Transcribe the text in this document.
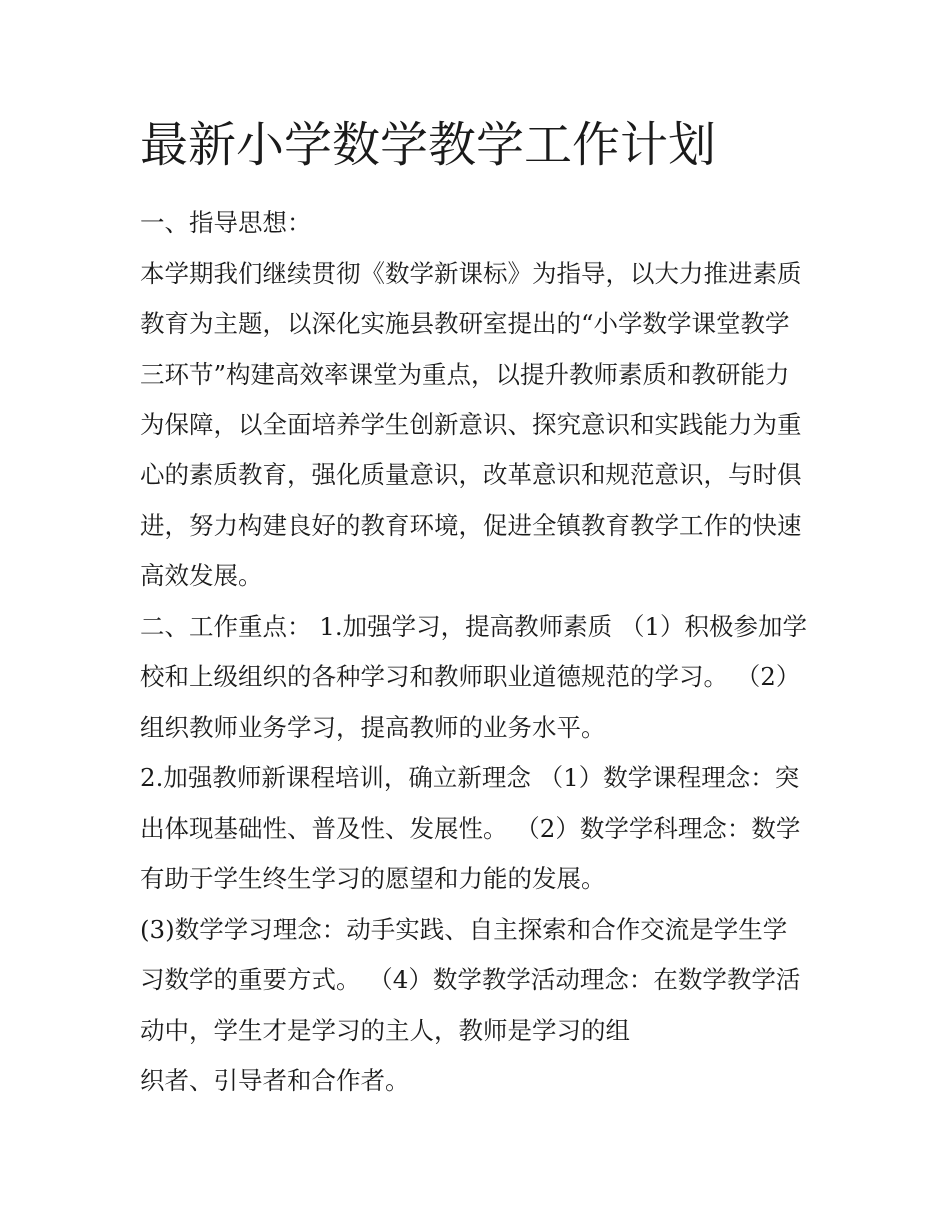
最新小学数学教学工作计划

一、指导思想：

本学期我们继续贯彻《数学新课标》为指导，以大力推进素质

教育为主题，以深化实施县教研室提出的“小学数学课堂教学

三环节”构建高效率课堂为重点，以提升教师素质和教研能力

为保障，以全面培养学生创新意识、探究意识和实践能力为重

心的素质教育，强化质量意识，改革意识和规范意识，与时俱

进，努力构建良好的教育环境，促进全镇教育教学工作的快速

高效发展。

二、工作重点： 1.加强学习，提高教师素质 （1）积极参加学

校和上级组织的各种学习和教师职业道德规范的学习。 （2）

组织教师业务学习，提高教师的业务水平。

2.加强教师新课程培训，确立新理念 （1）数学课程理念：突

出体现基础性、普及性、发展性。 （2）数学学科理念：数学

有助于学生终生学习的愿望和力能的发展。

(3)数学学习理念：动手实践、自主探索和合作交流是学生学

习数学的重要方式。 （4）数学教学活动理念：在数学教学活

动中，学生才是学习的主人，教师是学习的组

织者、引导者和合作者。
